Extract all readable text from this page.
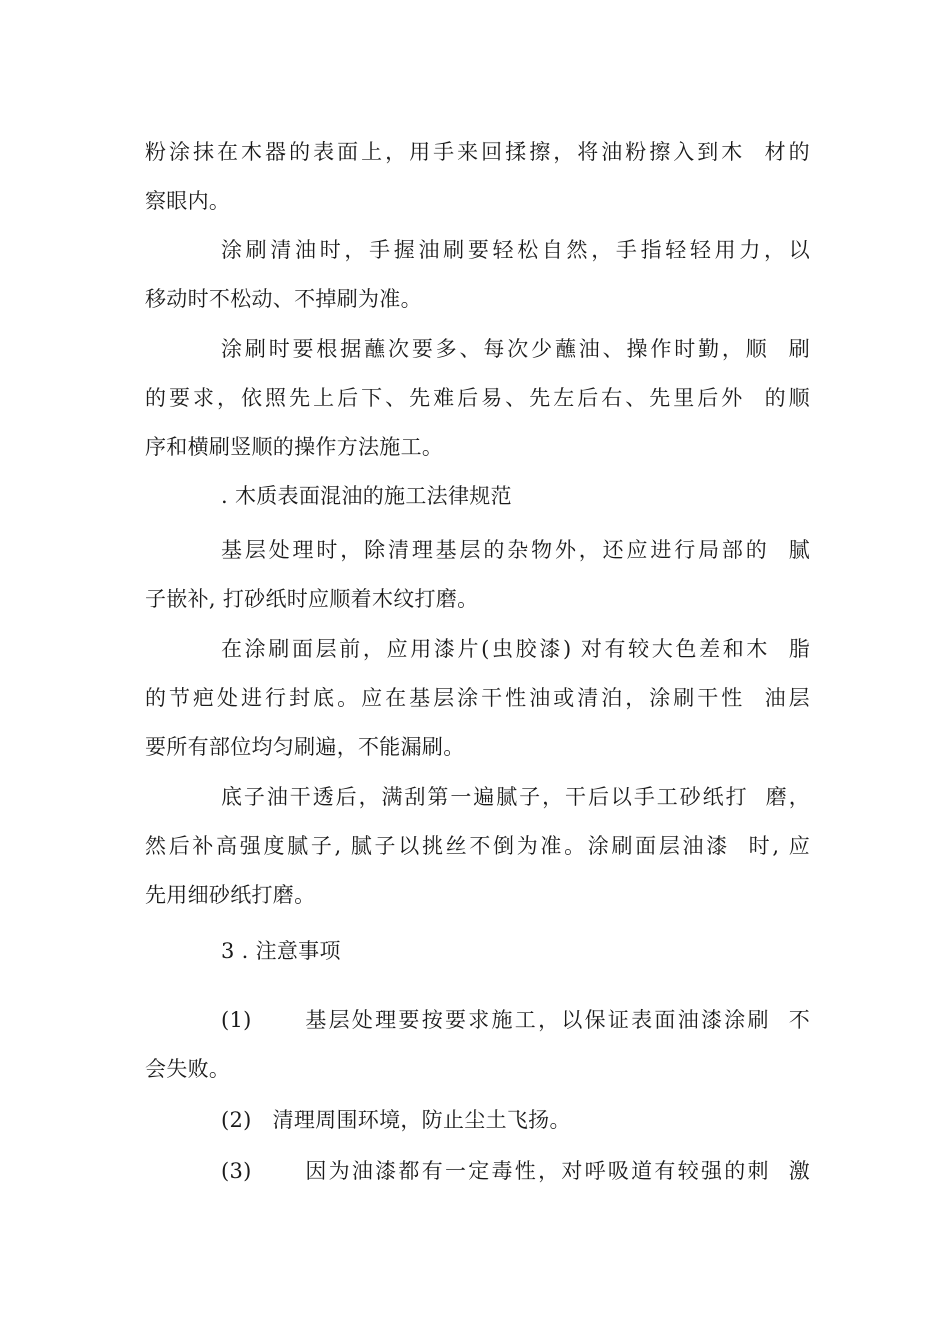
粉涂抹在木器的表面上，用手来回揉擦，将油粉擦入到木  材的
察眼内。
涂刷清油时，手握油刷要轻松自然，手指轻轻用力，以
移动时不松动、不掉刷为准。
涂刷时要根据蘸次要多、每次少蘸油、操作时勤，顺  刷
的要求，依照先上后下、先难后易、先左后右、先里后外  的顺
序和横刷竖顺的操作方法施工。
. 木质表面混油的施工法律规范
基层处理时，除清理基层的杂物外，还应进行局部的  腻
子嵌补, 打砂纸时应顺着木纹打磨。
在涂刷面层前，应用漆片(虫胶漆) 对有较大色差和木  脂
的节疤处进行封底。应在基层涂干性油或清泊，涂刷干性  油层
要所有部位均匀刷遍，不能漏刷。
底子油干透后，满刮第一遍腻子，干后以手工砂纸打  磨，
然后补高强度腻子, 腻子以挑丝不倒为准。涂刷面层油漆  时, 应
先用细砂纸打磨。
3 . 注意事项
(1)      基层处理要按要求施工，以保证表面油漆涂刷  不
会失败。
(2)   清理周围环境，防止尘土飞扬。
(3)      因为油漆都有一定毒性，对呼吸道有较强的刺  激
